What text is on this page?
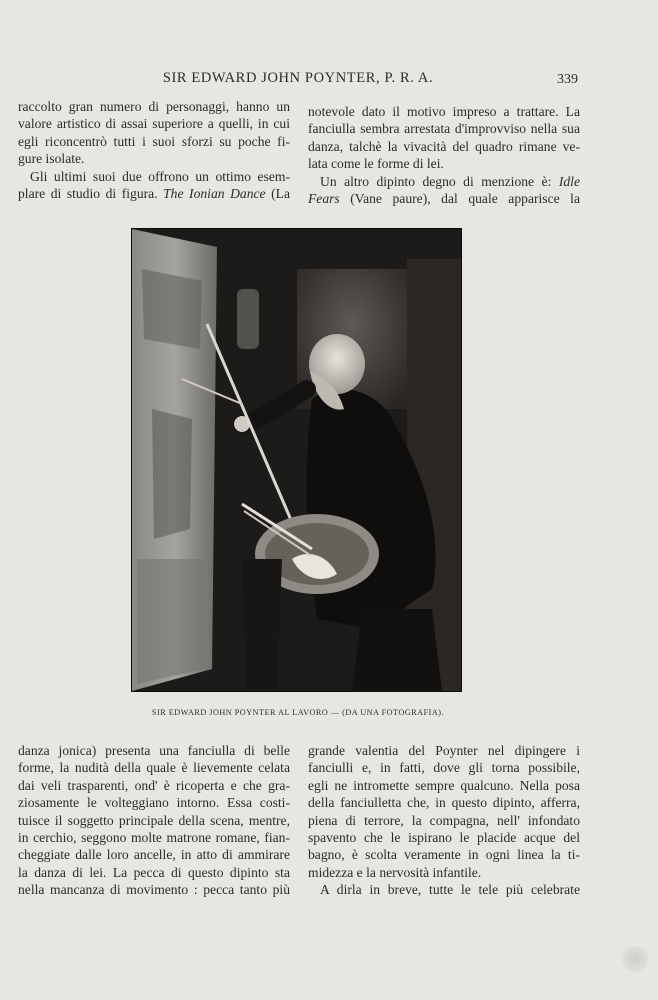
SIR EDWARD JOHN POYNTER, P. R. A.	339
raccolto gran numero di personaggi, hanno un
valore artistico di assai superiore a quelli, in cui
egli riconcentrò tutti i suoi sforzi su poche fi-
gure isolate.
Gli ultimi suoi due offrono un ottimo esem-
plare di studio di figura. The Ionian Dance (La
notevole dato il motivo impreso a trattare. La
fanciulla sembra arrestata d'improvviso nella sua
danza, talchè la vivacità del quadro rimane ve-
lata come le forme di lei.
Un altro dipinto degno di menzione è: Idle
Fears (Vane paure), dal quale apparisce la
SIR EDWARD JOHN POYNTER AL LAVORO — (DA UNA FOTOGRAFIA).
danza jonica) presenta una fanciulla di belle
forme, la nudità della quale è lievemente celata
dai veli trasparenti, ond' è ricoperta e che gra-
ziosamente le volteggiano intorno. Essa costi-
tuisce il soggetto principale della scena, mentre,
in cerchio, seggono molte matrone romane, fian-
cheggiate dalle loro ancelle, in atto di ammirare
la danza di lei. La pecca di questo dipinto sta
nella mancanza di movimento : pecca tanto più
grande valentia del Poynter nel dipingere i
fanciulli e, in fatti, dove gli torna possibile,
egli ne intromette sempre qualcuno. Nella posa
della fanciulletta che, in questo dipinto, afferra,
piena di terrore, la compagna, nell' infondato
spavento che le ispirano le placide acque del
bagno, è scolta veramente in ogni linea la ti-
midezza e la nervosità infantile.
A dirla in breve, tutte le tele più celebrate
